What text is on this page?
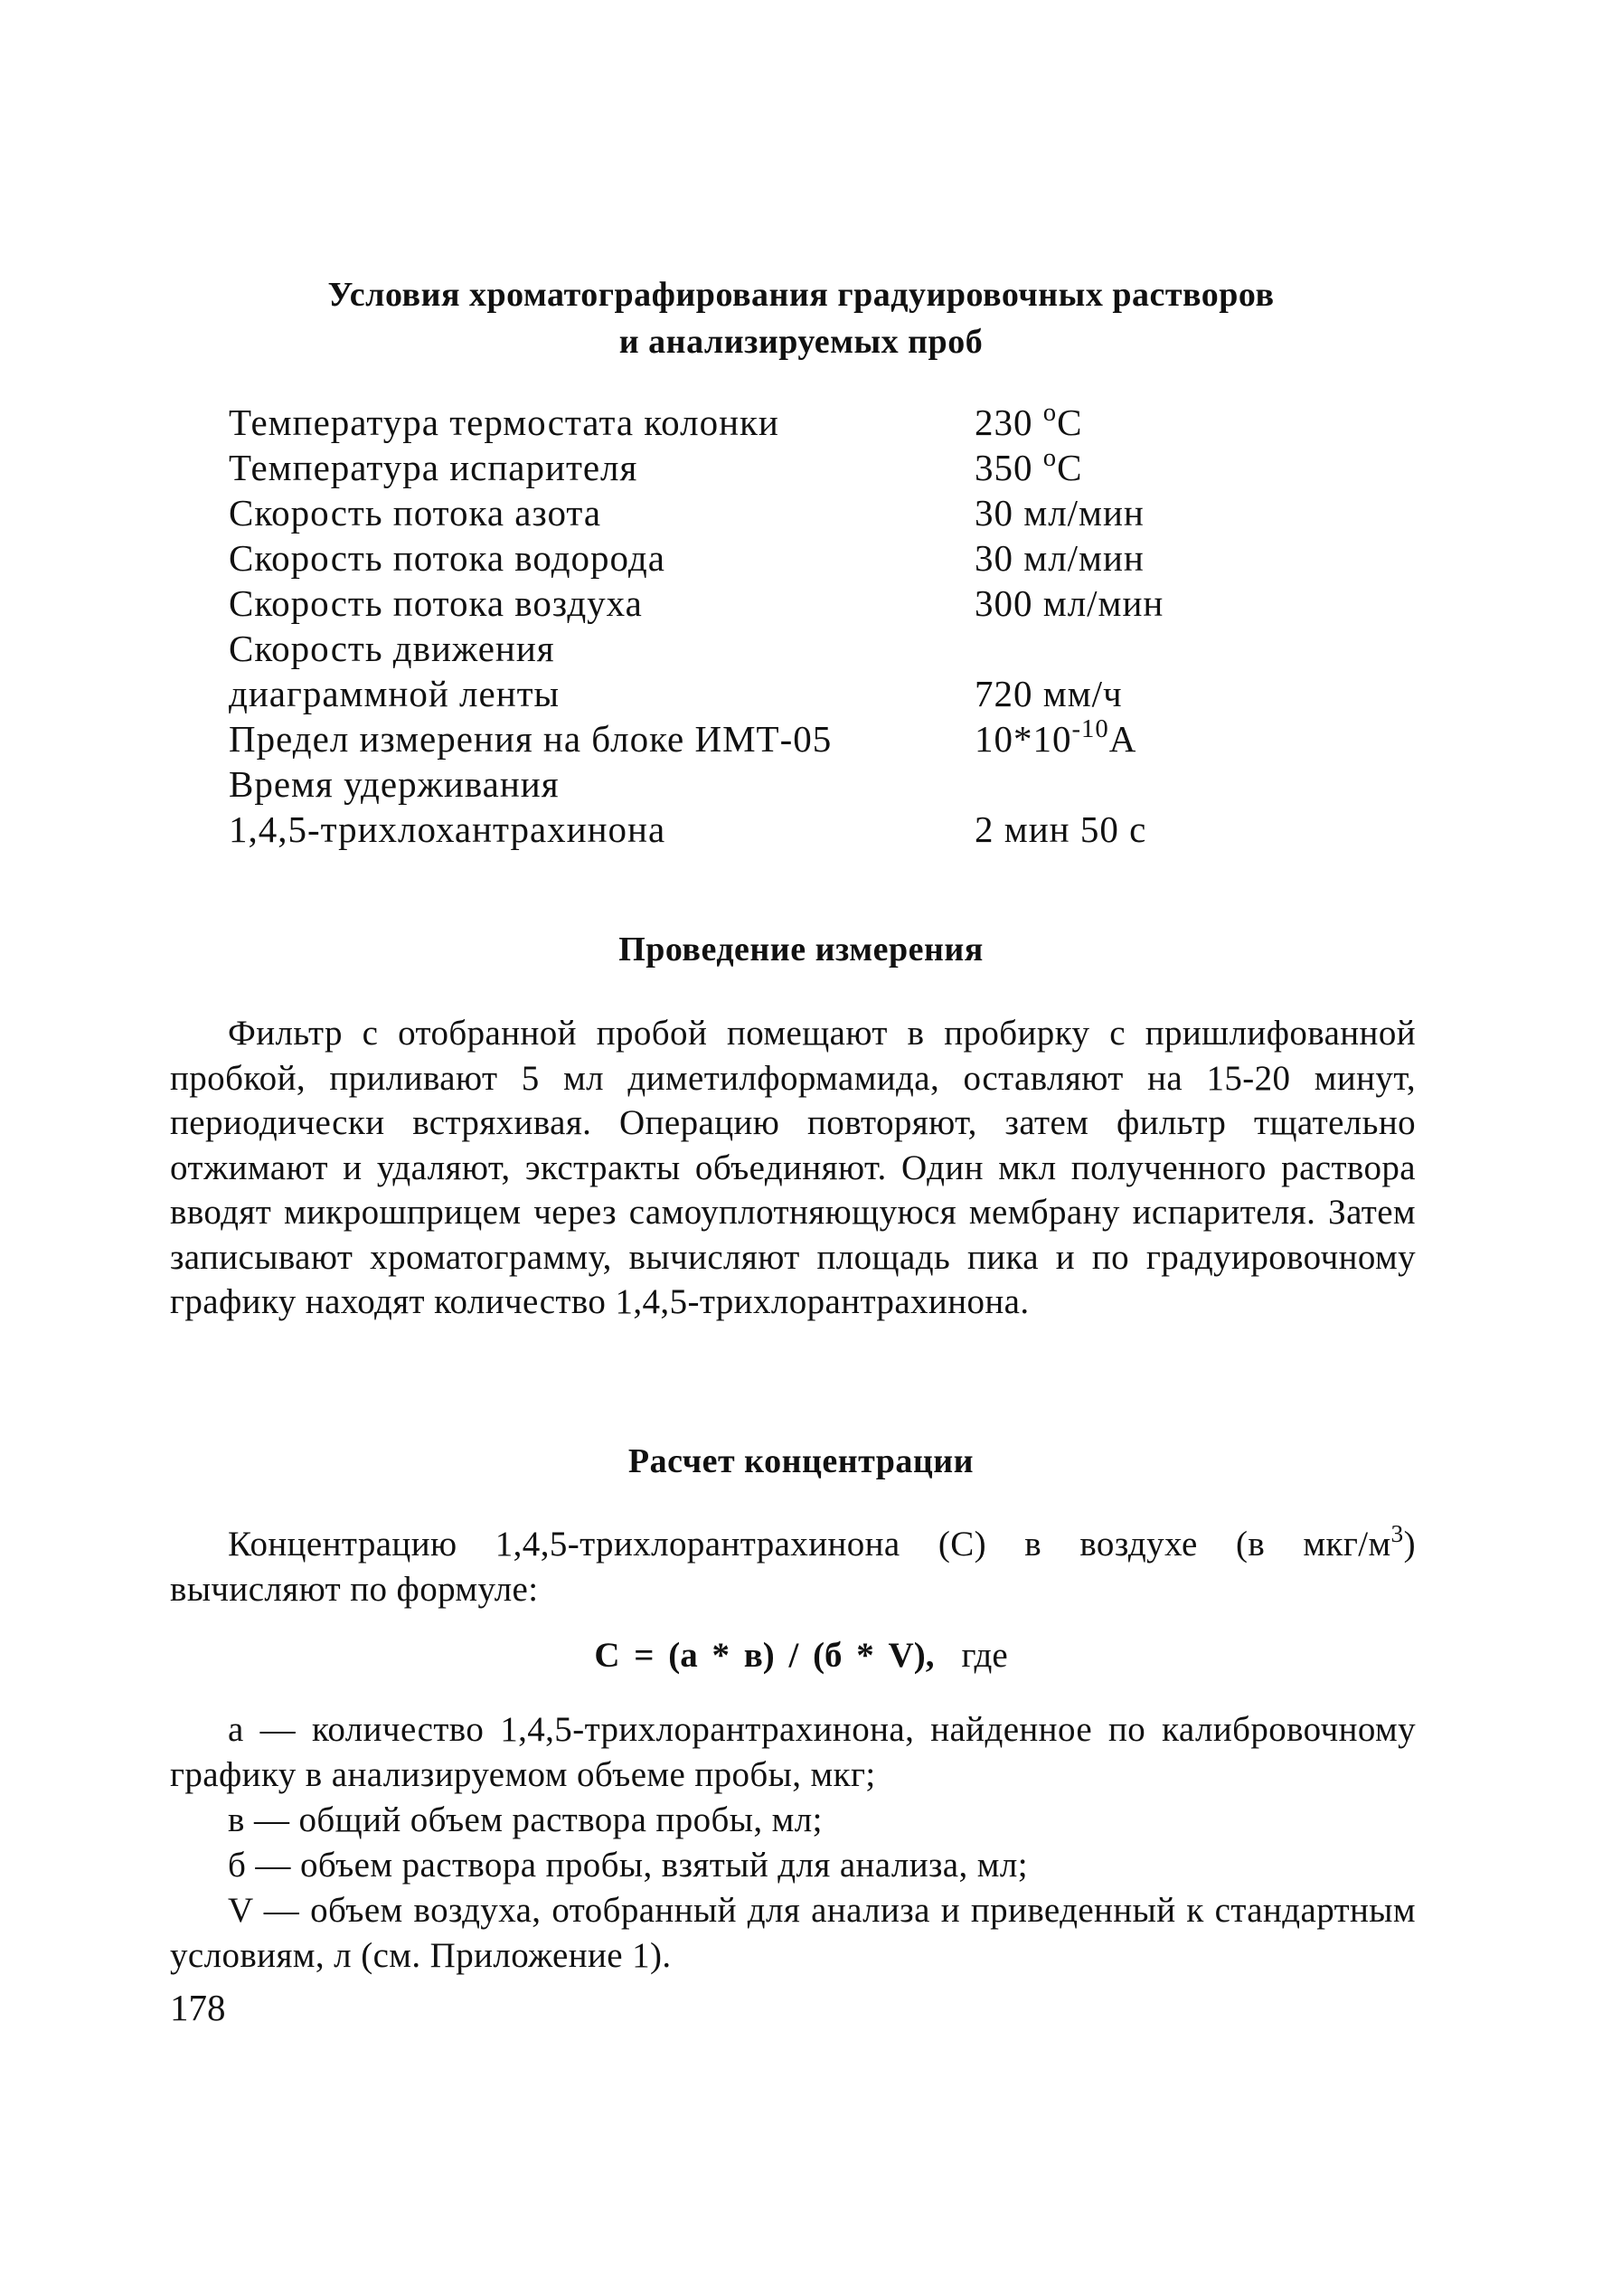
Условия хроматографирования градуировочных растворов
и анализируемых проб
Температура термостата колонки	230 $^о$С
Температура испарителя	350 $^о$С
Скорость потока азота	30 мл/мин
Скорость потока водорода	30 мл/мин
Скорость потока воздуха	300 мл/мин
Скорость движения
диаграммной ленты	720 мм/ч
Предел измерения на блоке ИМТ-05	$10*10^{-10}А$
Время удерживания
1,4,5-трихлохантрахинона	2 мин 50 с
Проведение измерения

Фильтр с отобранной пробой помещают в пробирку с пришлифованной пробкой, приливают 5 мл диметилформамида, оставляют на 15-20 минут, периодически встряхивая. Операцию повторяют, затем фильтр тщательно отжимают и удаляют, экстракты объединяют. Один мкл полученного раствора вводят микрошприцем через самоуплотняющуюся мембрану испарителя. Затем записывают хроматограмму, вычисляют площадь пика и по градуировочному графику находят количество 1,4,5-трихлорантрахинона.

Расчет концентрации

Концентрацию 1,4,5-трихлорантрахинона (С) в воздухе (в мкг/$м^3$) вычисляют по формуле:

С = (а * в) / (б * V), где

а — количество 1,4,5-трихлорантрахинона, найденное по калибровочному графику в анализируемом объеме пробы, мкг;

в — общий объем раствора пробы, мл;

б — объем раствора пробы, взятый для анализа, мл;

V — объем воздуха, отобранный для анализа и приведенный к стандартным условиям, л (см. Приложение 1).

178
